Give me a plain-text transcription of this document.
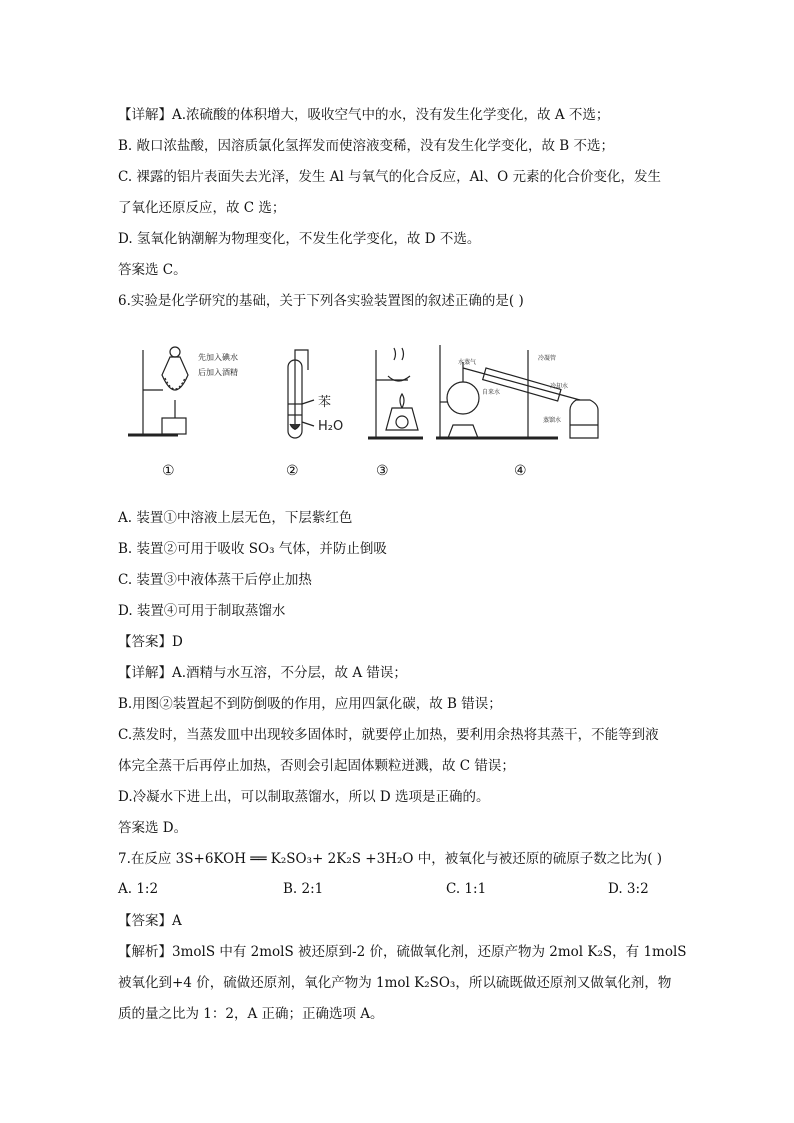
【详解】A.浓硫酸的体积增大，吸收空气中的水，没有发生化学变化，故 A 不选；
B. 敞口浓盐酸，因溶质氯化氢挥发而使溶液变稀，没有发生化学变化，故 B 不选；
C. 裸露的铝片表面失去光泽，发生 Al 与氧气的化合反应，Al、O 元素的化合价变化，发生
了氧化还原反应，故 C 选；
D. 氢氧化钠潮解为物理变化，不发生化学变化，故 D 不选。
答案选 C。
6.实验是化学研究的基础，关于下列各实验装置图的叙述正确的是( )
先加入碘水
后加入酒精
苯
H₂O
冷凝管
冷却水
蒸馏水
水蒸气
自来水
①	②	③	④
A. 装置①中溶液上层无色，下层紫红色
B. 装置②可用于吸收 SO₃ 气体，并防止倒吸
C. 装置③中液体蒸干后停止加热
D. 装置④可用于制取蒸馏水
【答案】D
【详解】A.酒精与水互溶，不分层，故 A 错误；
B.用图②装置起不到防倒吸的作用，应用四氯化碳，故 B 错误；
C.蒸发时，当蒸发皿中出现较多固体时，就要停止加热，要利用余热将其蒸干，不能等到液
体完全蒸干后再停止加热，否则会引起固体颗粒迸溅，故 C 错误；
D.冷凝水下进上出，可以制取蒸馏水，所以 D 选项是正确的。
答案选 D。
7.在反应 3S+6KOH ══ K₂SO₃+ 2K₂S +3H₂O 中，被氧化与被还原的硫原子数之比为( )
A. 1:2	B. 2:1	C. 1:1	D. 3:2
【答案】A
【解析】3molS 中有 2molS 被还原到-2 价，硫做氧化剂，还原产物为 2mol K₂S，有 1molS
被氧化到+4 价，硫做还原剂，氧化产物为 1mol K₂SO₃，所以硫既做还原剂又做氧化剂，物
质的量之比为 1：2，A 正确；正确选项 A。
